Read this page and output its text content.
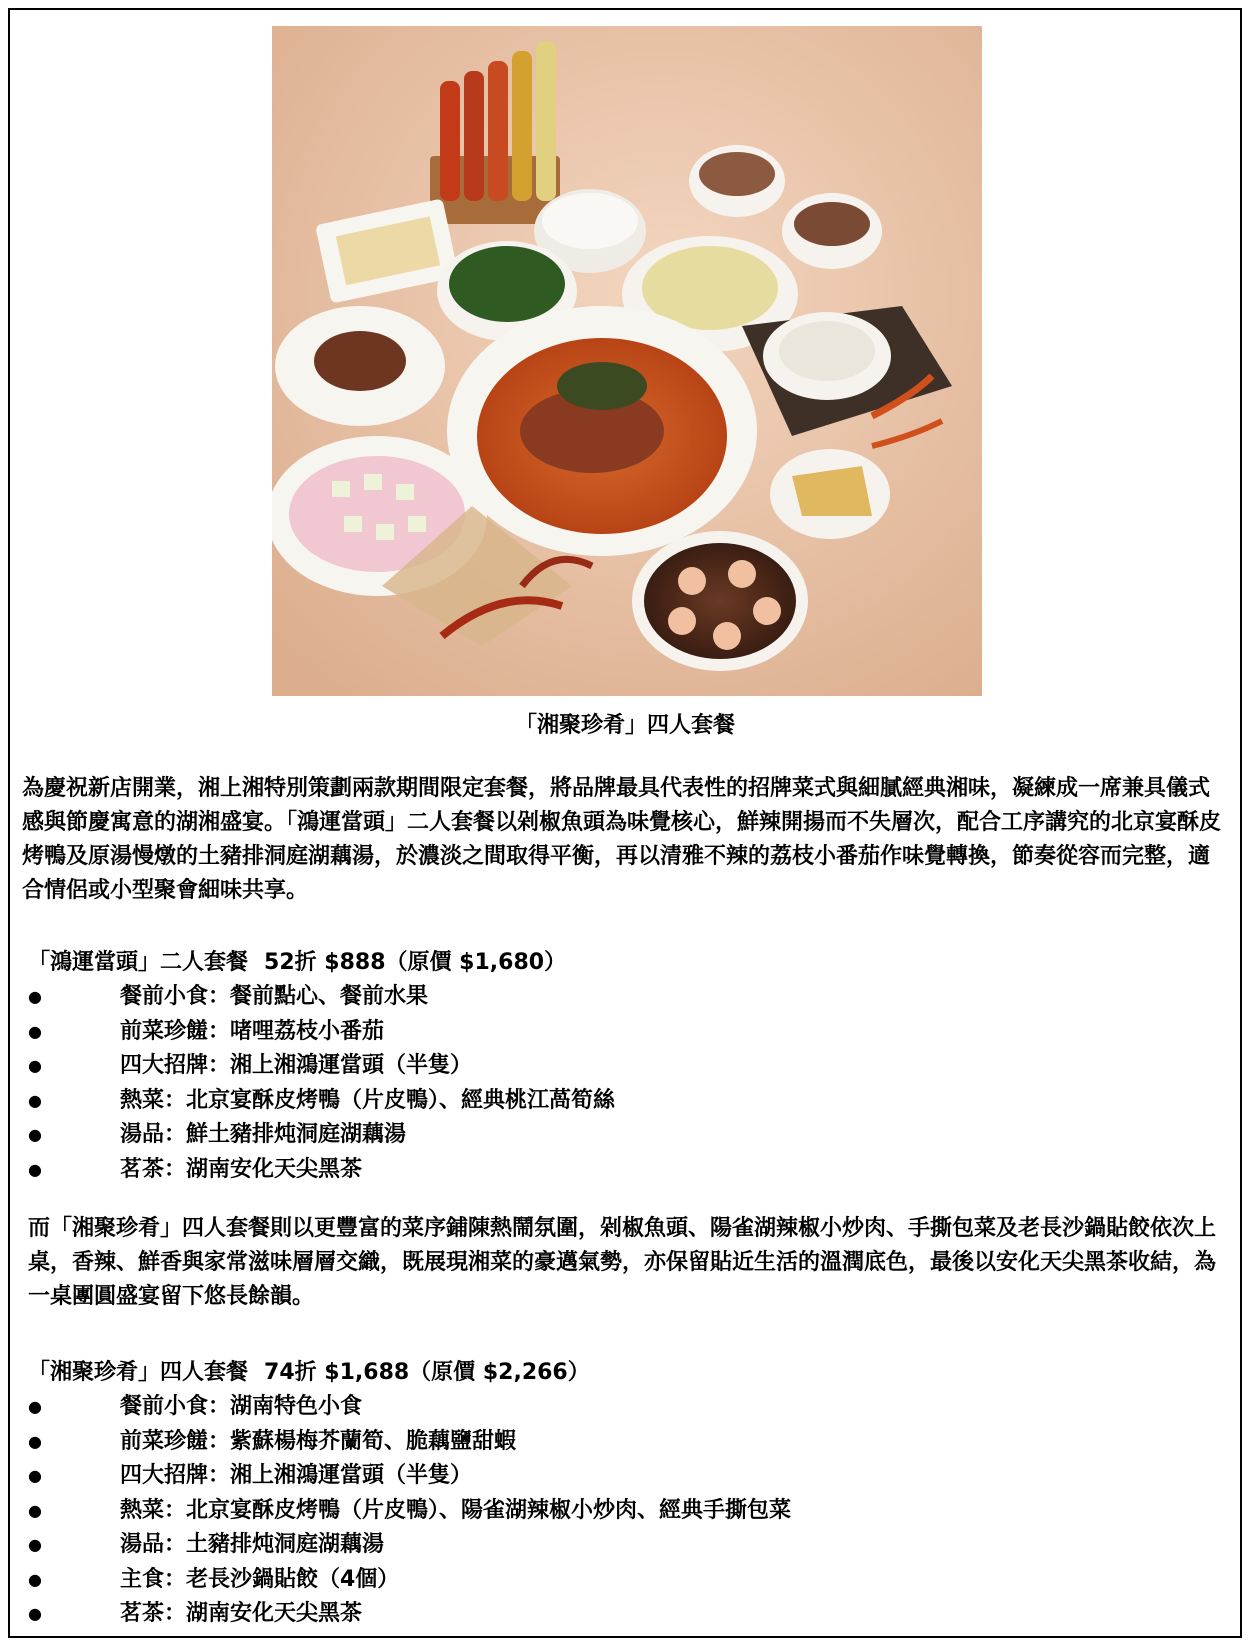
「湘聚珍肴」四人套餐

為慶祝新店開業，湘上湘特別策劃兩款期間限定套餐，將品牌最具代表性的招牌菜式與細膩經典湘味，凝練成一席兼具儀式感與節慶寓意的湖湘盛宴。「鴻運當頭」二人套餐以剁椒魚頭為味覺核心，鮮辣開揚而不失層次，配合工序講究的北京宴酥皮烤鴨及原湯慢燉的土豬排洞庭湖藕湯，於濃淡之間取得平衡，再以清雅不辣的荔枝小番茄作味覺轉換，節奏從容而完整，適合情侶或小型聚會細味共享。

「鴻運當頭」二人套餐 52折 $888（原價 $1,680）
●	餐前小食：餐前點心、餐前水果
●	前菜珍饈：啫哩荔枝小番茄
●	四大招牌：湘上湘鴻運當頭（半隻）
●	熱菜：北京宴酥皮烤鴨（片皮鴨）、經典桃江萵筍絲
●	湯品：鮮土豬排炖洞庭湖藕湯
●	茗茶：湖南安化天尖黑茶

而「湘聚珍肴」四人套餐則以更豐富的菜序鋪陳熱鬧氛圍，剁椒魚頭、陽雀湖辣椒小炒肉、手撕包菜及老長沙鍋貼餃依次上桌，香辣、鮮香與家常滋味層層交織，既展現湘菜的豪邁氣勢，亦保留貼近生活的溫潤底色，最後以安化天尖黑茶收結，為一桌團圓盛宴留下悠長餘韻。

「湘聚珍肴」四人套餐 74折 $1,688（原價 $2,266）
●	餐前小食：湖南特色小食
●	前菜珍饈：紫蘇楊梅芥蘭筍、脆藕鹽甜蝦
●	四大招牌：湘上湘鴻運當頭（半隻）
●	熱菜：北京宴酥皮烤鴨（片皮鴨）、陽雀湖辣椒小炒肉、經典手撕包菜
●	湯品：土豬排炖洞庭湖藕湯
●	主食：老長沙鍋貼餃（4個）
●	茗茶：湖南安化天尖黑茶
